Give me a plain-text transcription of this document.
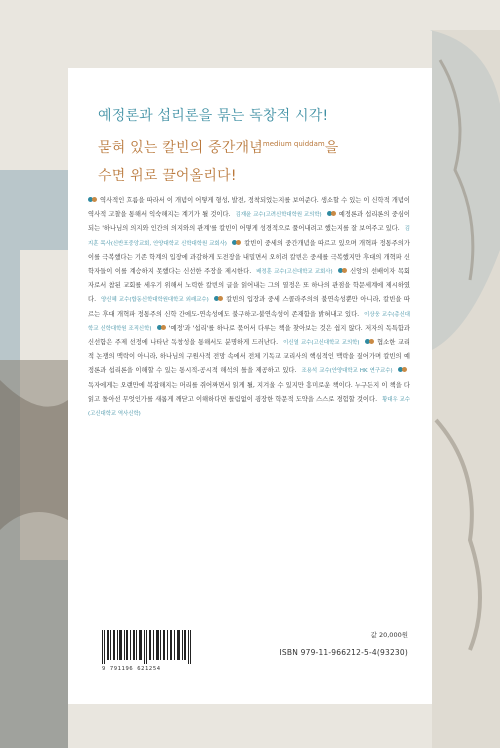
예정론과 섭리론을 묶는 독창적 시각!
묻혀 있는 칼빈의 중간개념$^{medium quiddam}$을
수면 위로 끌어올리다!
역사적인 흐름을 따라서 이 개념이 어떻게 형성, 발전, 정착되었는지를 보여준다. 생소할 수 있는 이 신학적 개념이 역사적 고찰을 통해서 익숙해지는 계기가 될 것이다. 김재윤 교수(고려신학대학원 교의학)	예정론과 섭리론의 중심이 되는 '하나님의 의지와 인간의 의지와의 관계'를 칼빈이 어떻게 성경적으로 풀어내려고 했는지를 잘 보여주고 있다. 김지훈 목사(신반포중앙교회, 안양대학교 신학대학원 교회사)	칼빈이 중세의 중간개념을 따르고 있으며 개혁파 정통주의가 이를 극복했다는 기존 학계의 입장에 과감하게 도전장을 내밀면서 오히려 칼빈은 중세를 극복했지만 후대의 개혁파 신학자들이 이를 계승하지 못했다는 신선한 주장을 제시한다. 배정훈 교수(고신대학교 교회사)	신앙의 선배이자 목회자로서 참된 교회를 세우기 위해서 노력한 칼빈의 글을 읽어내는 그의 열정은 또 하나의 관점을 학문세계에 제시하였다. 양신혜 교수(합동신학대학원대학교 외래교수)	칼빈의 입장과 중세 스콜라주의의 불연속성뿐만 아니라, 칼빈을 따르는 후대 개혁파 정통주의 신학 간에도-연속성에도 불구하고-불연속성이 존재함을 밝혀내고 있다. 이상웅 교수(총신대학교 신학대학원 조직신학)	'예정'과 '섭리'를 하나로 묶어서 다루는 책을 찾아보는 것은 쉽지 않다. 저자의 독특함과 신선함은 주제 선정에 나타난 독창성을 통해서도 분명하게 드러난다. 이신열 교수(고신대학교 교의학)	협소한 교리적 논쟁의 맥락이 아니라, 하나님의 구원사적 전망 속에서 전체 기독교 교리사의 핵심적인 맥락을 짚어가며 칼빈의 예정론과 섭리론을 이해할 수 있는 통시적-공시적 해석의 틀을 제공하고 있다. 조용석 교수(안양대학교 HK 연구교수) 독자에게는 오랜만에 복잡해지는 머리를 쥐어짜면서 읽게 될, 지겨울 수 있지만 흥미로운 책이다. 누구든지 이 책을 다 읽고 돌아선 무엇인가를 새롭게 깨닫고 이해하다면 틀림없이 굉장한 학문적 도약을 스스로 경험할 것이다. 황대우 교수(고신대학교 역사신학)
9 791196 621254
값 20,000원
ISBN 979-11-966212-5-4(93230)
